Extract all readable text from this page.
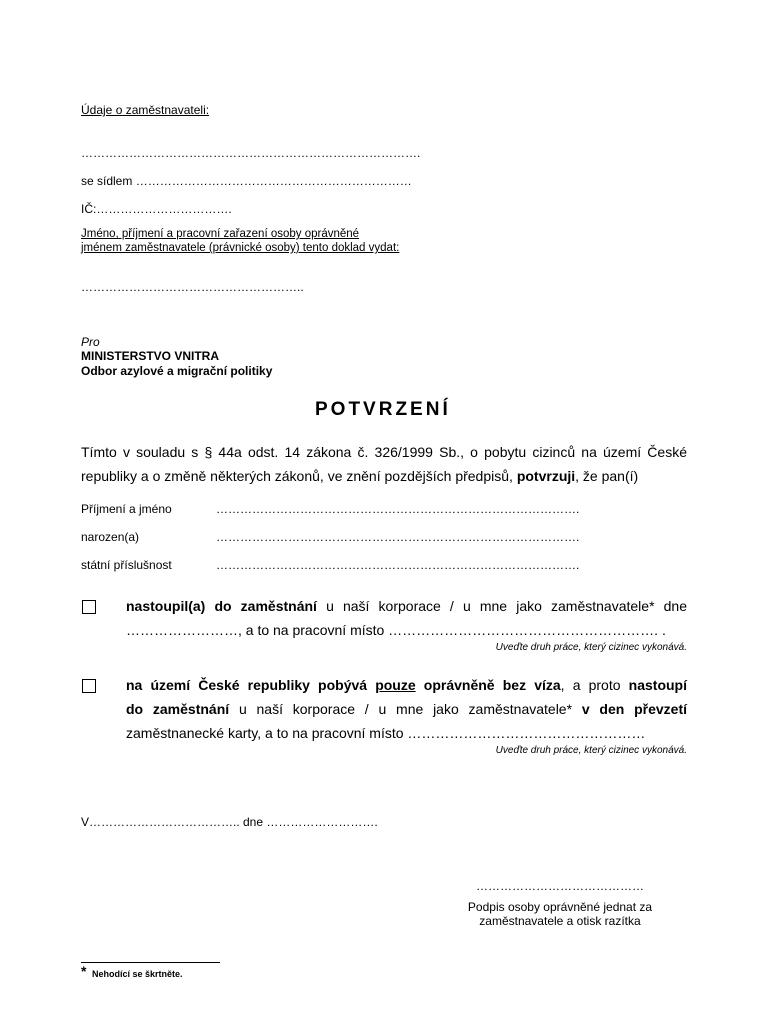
Údaje o zaměstnavateli:
………………………………………………………………………….
se sídlem ……………………………………………………………
IČ:…………………………….
Jméno, příjmení a pracovní zařazení osoby oprávněné
jménem zaměstnavatele (právnické osoby) tento doklad vydat:
………………………………………………..
Pro
MINISTERSTVO VNITRA
Odbor azylové a migrační politiky
POTVRZENÍ
Tímto v souladu s § 44a odst. 14 zákona č. 326/1999 Sb., o pobytu cizinců na území České
republiky a o změně některých zákonů, ve znění pozdějších předpisů, potvrzuji, že pan(í)
Příjmení a jméno	……………………………………………………………………………….
narozen(a)	……………………………………………………………………………….
státní příslušnost	……………………………………………………………………………….
nastoupil(a) do zaměstnání u naší korporace / u mne jako zaměstnavatele* dne
……………………, a to na pracovní místo …………………………………………………. .
Uveďte druh práce, který cizinec vykonává.
na území České republiky pobývá pouze oprávněně bez víza, a proto nastoupí
do zaměstnání u naší korporace / u mne jako zaměstnavatele* v den převzetí
zaměstnanecké karty, a to na pracovní místo ……………………………………………
Uveďte druh práce, který cizinec vykonává.
V……………………………….. dne ……………………….
……………………………………
Podpis osoby oprávněné jednat za
zaměstnavatele a otisk razítka
* Nehodící se škrtněte.
